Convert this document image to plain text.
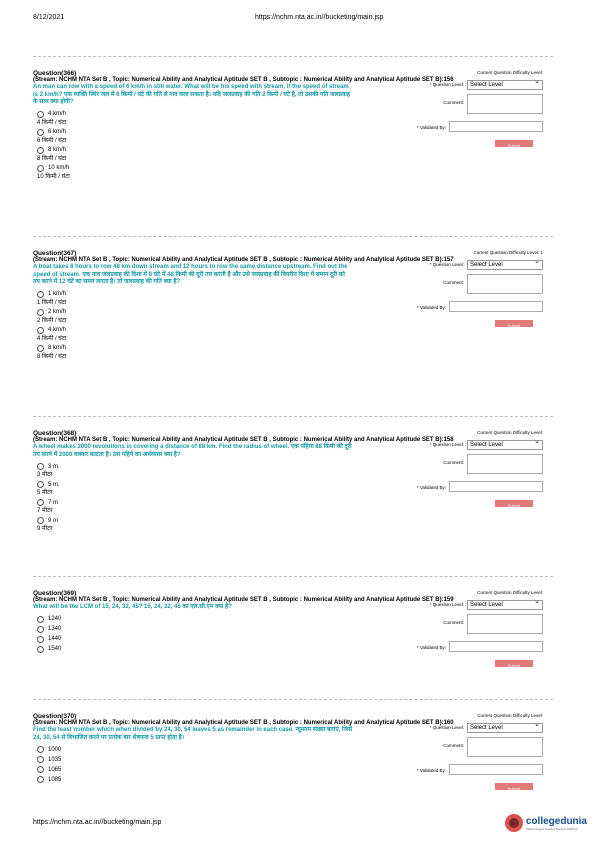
8/12/2021	https://nchm.nta.ac.in//bucketing/main.jsp
Question(366)
(Stream: NCHM NTA Set B , Topic: Numerical Ability and Analytical Aptitude SET B , Subtopic : Numerical Ability and Analytical Aptitude SET B):156
An man can row with a speed of 6 km/h in still water. What will be his speed with stream, if the speed of stream is 2 km/h? एक व्यक्ति स्थिर जल में 6 किमी / घंटे की गति से नाव चला सकता है। यदि जलप्रवाह की गति 2 किमी / घंटे है, तो उसकी गति जलप्रवाह के साथ क्या होगी?
4 km/h
4 किमी / घंटा
6 km/h
6 किमी / घंटा
8 km/h
8 किमी / घंटा
10 km/h
10 किमी / घंटा
Current Question Difficulty Level:
* Question Level:	Select Level ⌄
Comment:
* Validated By:
Submit
Question(367)
(Stream: NCHM NTA Set B , Topic: Numerical Ability and Analytical Aptitude SET B , Subtopic : Numerical Ability and Analytical Aptitude SET B):157
A boat takes 8 hours to row 48 km down stream and 12 hours to row the same distance upstream. Find out the speed of stream. एक नाव जलप्रवाह की दिशा में 8 घंटे में 48 किमी की दूरी तय करती है और उसे जलप्रवाह की विपरीत दिशा में समान दूरी को तय करने में 12 घंटे का समय लगता है। तो जलप्रवाह की गति क्या है?
1 km/h
1 किमी / घंटा
2 km/h
2 किमी / घंटा
4 km/h
4 किमी / घंटा
8 km/h
8 किमी / घंटा
Current Question Difficulty Level: 1
* Question Level:	Select Level ⌄
Comment:
* Validated By:
Submit
Question(368)
(Stream: NCHM NTA Set B , Topic: Numerical Ability and Analytical Aptitude SET B , Subtopic : Numerical Ability and Analytical Aptitude SET B):158
A wheel makes 2000 revolutions in covering a distance of 88 km. Find the radius of wheel. एक पहिया 88 किमी की दूरी तय करने में 2000 चक्कर काटता है। उस पहिये का अर्धव्यास क्या है?
3 m.
3 मीटर
5 m.
5 मीटर
7 m
7 मीटर
9 m
9 मीटर
Current Question Difficulty Level:
* Question Level:	Select Level ⌄
Comment:
* Validated By:
Submit
Question(369)
(Stream: NCHM NTA Set B , Topic: Numerical Ability and Analytical Aptitude SET B , Subtopic : Numerical Ability and Analytical Aptitude SET B):159
What will be the LCM of 15, 24, 32, 45? 15, 24, 32, 45 का एल.सी.एम क्या है?
1240
1340
1440
1540
Current Question Difficulty Level:
* Question Level:	Select Level ⌄
Comment:
* Validated By:
Submit
Question(370)
(Stream: NCHM NTA Set B , Topic: Numerical Ability and Analytical Aptitude SET B , Subtopic : Numerical Ability and Analytical Aptitude SET B):160
Find the least number which when divided by 24, 30, 54 leaves 5 as remainder in each case. न्यूनतम संख्या बताएं, जिसे 24, 30, 54 से विभाजित करने पर प्रत्येक बार शेषफल 5 प्राप्त होता है।
1000
1035
1065
1085
Current Question Difficulty Level:
* Question Level:	Select Level ⌄
Comment:
* Validated By:
Submit
https://nchm.nta.ac.in//bucketing/main.jsp	collegedunia
India's largest Student Review Platform
